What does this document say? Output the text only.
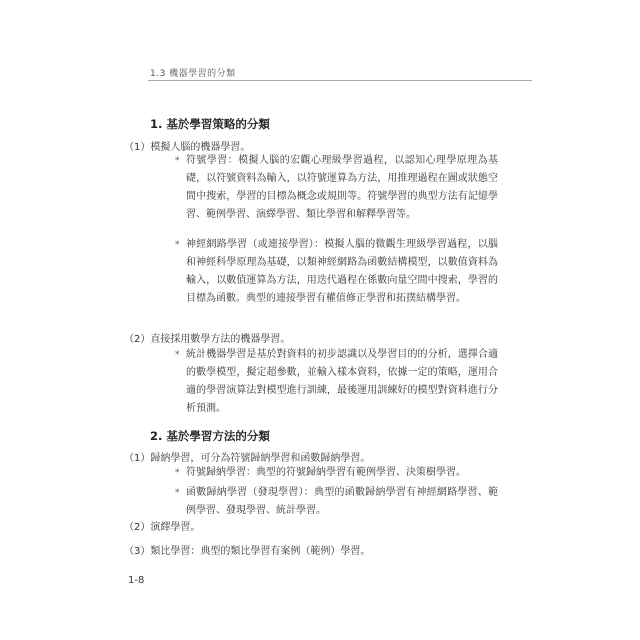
1.3 機器學習的分類
1. 基於學習策略的分類
（1）模擬人腦的機器學習。
* 符號學習：模擬人腦的宏觀心理級學習過程，以認知心理學原理為基礎，以符號資料為輸入，以符號運算為方法，用推理過程在圖或狀態空間中搜索，學習的目標為概念或規則等。符號學習的典型方法有記憶學習、範例學習、演繹學習、類比學習和解釋學習等。
* 神經網路學習（或連接學習）：模擬人腦的微觀生理級學習過程，以腦和神經科學原理為基礎，以類神經網路為函數結構模型，以數值資料為輸入，以數值運算為方法，用迭代過程在係數向量空間中搜索，學習的目標為函數。典型的連接學習有權值修正學習和拓撲結構學習。
（2）直接採用數學方法的機器學習。
* 統計機器學習是基於對資料的初步認識以及學習目的的分析，選擇合適的數學模型，擬定超參數，並輸入樣本資料，依據一定的策略，運用合適的學習演算法對模型進行訓練，最後運用訓練好的模型對資料進行分析預測。
2. 基於學習方法的分類
（1）歸納學習，可分為符號歸納學習和函數歸納學習。
* 符號歸納學習：典型的符號歸納學習有範例學習、決策樹學習。
* 函數歸納學習（發現學習）：典型的函數歸納學習有神經網路學習、範例學習、發現學習、統計學習。
（2）演繹學習。
（3）類比學習：典型的類比學習有案例（範例）學習。
1-8
